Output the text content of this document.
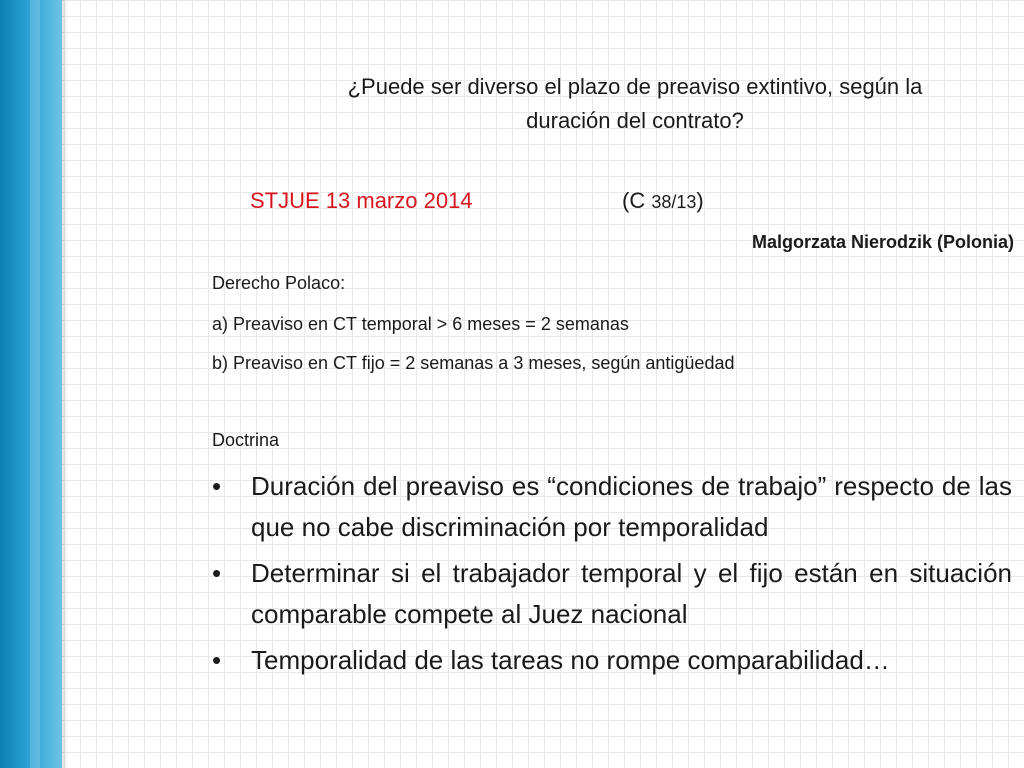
¿Puede ser diverso el plazo de preaviso extintivo, según la
duración del contrato?
STJUE 13 marzo 2014	(C 38/13)
Malgorzata Nierodzik (Polonia)
Derecho Polaco:
a) Preaviso en CT temporal > 6 meses = 2 semanas
b) Preaviso en CT fijo = 2 semanas a 3 meses, según antigüedad
Doctrina
• Duración del preaviso es “condiciones de trabajo” respecto de las que no cabe discriminación por temporalidad
• Determinar si el trabajador temporal y el fijo están en situación comparable compete al Juez nacional
• Temporalidad de las tareas no rompe comparabilidad…
